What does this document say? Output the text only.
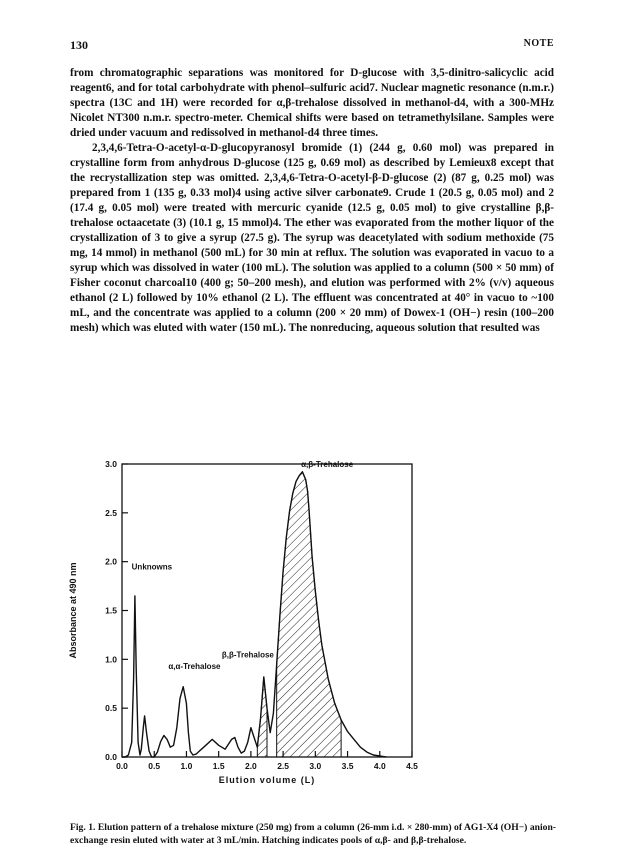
130	NOTE

from chromatographic separations was monitored for D-glucose with 3,5-dinitro-salicyclic acid reagent6, and for total carbohydrate with phenol–sulfuric acid7. Nuclear magnetic resonance (n.m.r.) spectra (13C and 1H) were recorded for α,β-trehalose dissolved in methanol-d4, with a 300-MHz Nicolet NT300 n.m.r. spectro-meter. Chemical shifts were based on tetramethylsilane. Samples were dried under vacuum and redissolved in methanol-d4 three times.

2,3,4,6-Tetra-O-acetyl-α-D-glucopyranosyl bromide (1) (244 g, 0.60 mol) was prepared in crystalline form from anhydrous D-glucose (125 g, 0.69 mol) as described by Lemieux8 except that the recrystallization step was omitted. 2,3,4,6-Tetra-O-acetyl-β-D-glucose (2) (87 g, 0.25 mol) was prepared from 1 (135 g, 0.33 mol)4 using active silver carbonate9. Crude 1 (20.5 g, 0.05 mol) and 2 (17.4 g, 0.05 mol) were treated with mercuric cyanide (12.5 g, 0.05 mol) to give crystalline β,β-trehalose octaacetate (3) (10.1 g, 15 mmol)4. The ether was evaporated from the mother liquor of the crystallization of 3 to give a syrup (27.5 g). The syrup was deacetylated with sodium methoxide (75 mg, 14 mmol) in methanol (500 mL) for 30 min at reflux. The solution was evaporated in vacuo to a syrup which was dissolved in water (100 mL). The solution was applied to a column (500 × 50 mm) of Fisher coconut charcoal10 (400 g; 50–200 mesh), and elution was performed with 2% (v/v) aqueous ethanol (2 L) followed by 10% ethanol (2 L). The effluent was concentrated at 40° in vacuo to ~100 mL, and the concentrate was applied to a column (200 × 20 mm) of Dowex-1 (OH−) resin (100–200 mesh) which was eluted with water (150 mL). The nonreducing, aqueous solution that resulted was

0.0 0.5 1.0 1.5 2.0 2.5 3.0 3.5 4.0 4.5
0.0
0.5
1.0
1.5
2.0
2.5
3.0
Elution volume (L)
Absorbance at 490 nm	Unknowns
α,α-Trehalose
β,β-Trehalose
α,β-Trehalose
Fig. 1. Elution pattern of a trehalose mixture (250 mg) from a column (26-mm i.d. × 280-mm) of AG1-X4 (OH−) anion-exchange resin eluted with water at 3 mL/min. Hatching indicates pools of α,β- and β,β-trehalose.
